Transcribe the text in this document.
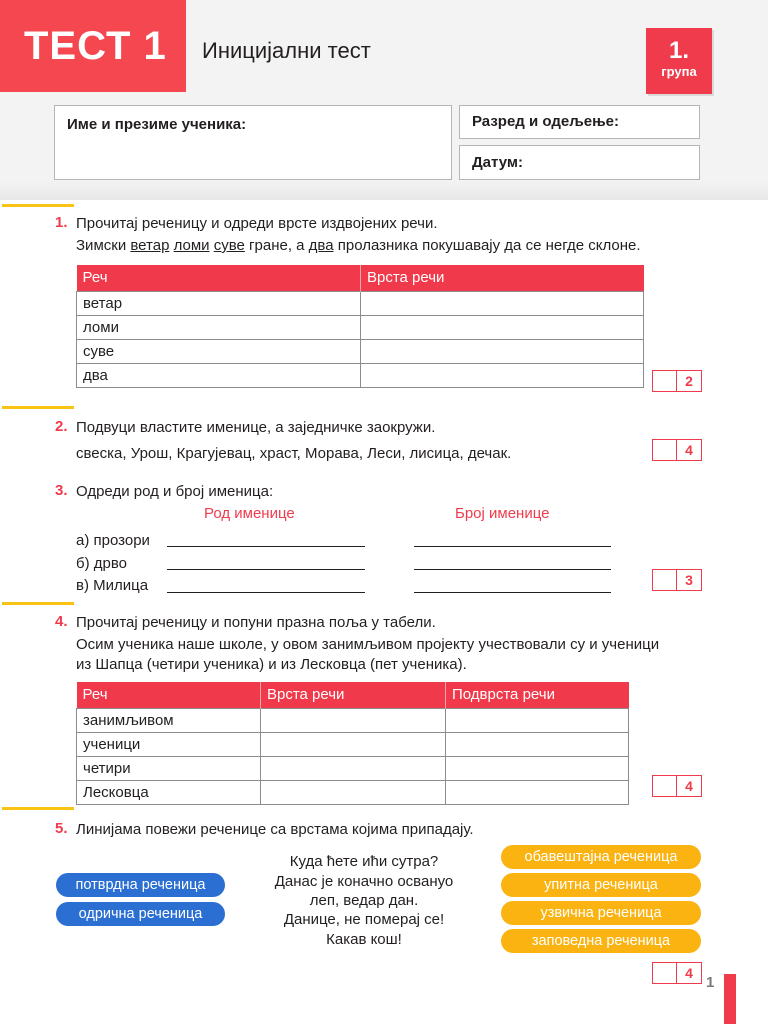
ТЕСТ 1	Иницијални тест	1.
група
Име и презиме ученика:	Разред и одељење:
Датум:
1. Прочитај реченицу и одреди врсте издвојених речи.
Зимски ветар ломи суве гране, а два пролазника покушавају да се негде склоне.
Реч	Врста речи
ветар	
ломи	
суве	
два		2
2. Подвуци властите именице, а заједничке заокружи.
свеска, Урош, Крагујевац, храст, Морава, Леси, лисица, дечак.	4
3. Одреди род и број именица:
Род именице	Број именице
а) прозори
б) дрво
в) Милица	3
4. Прочитај реченицу и попуни празна поља у табели.
Осим ученика наше школе, у овом занимљивом пројекту учествовали су и ученици
из Шапца (четири ученика) и из Лесковца (пет ученика).
Реч	Врста речи	Подврста речи
занимљивом		
ученици		
четири		
Лесковца			4
5. Линијама повежи реченице са врстама којима припадају.
потврдна реченица
одрична реченица
Куда ћете ићи сутра?
Данас је коначно освануо
леп, ведар дан.
Данице, не померај се!
Какав кош!
обавештајна реченица
упитна реченица
узвична реченица
заповедна реченица
4
1
